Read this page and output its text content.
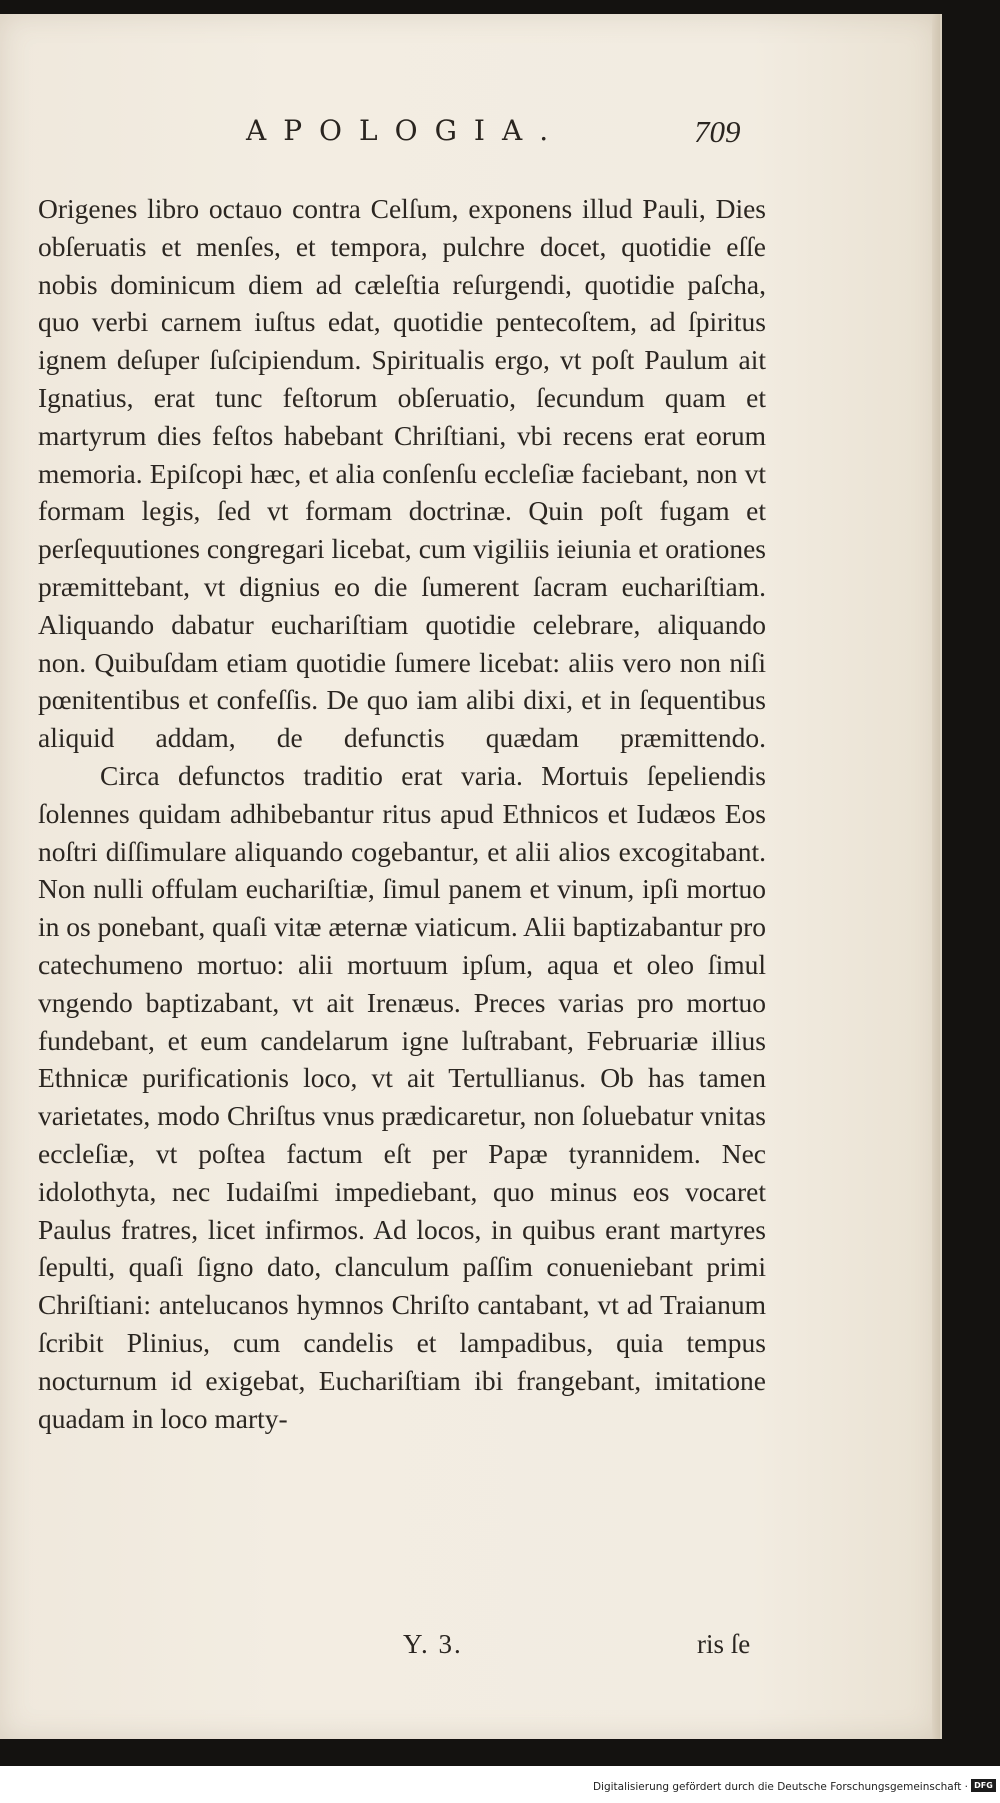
APOLOGIA.	709

Origenes libro octauo contra Celſum, exponens illud Pauli, Dies obſeruatis et menſes, et tempora, pulchre docet, quotidie eſſe nobis dominicum diem ad cæleſtia reſurgendi, quotidie paſcha, quo verbi carnem iuſtus edat, quotidie pentecoſtem, ad ſpiritus ignem deſuper ſuſcipiendum. Spiritualis ergo, vt poſt Paulum ait Ignatius, erat tunc feſtorum obſeruatio, ſecundum quam et martyrum dies feſtos habebant Chriſtiani, vbi recens erat eorum memoria. Epiſcopi hæc, et alia conſenſu eccleſiæ faciebant, non vt formam legis, ſed vt formam doctrinæ. Quin poſt fugam et perſequutiones congregari licebat, cum vigiliis ieiunia et orationes præmittebant, vt dignius eo die ſumerent ſacram euchariſtiam. Aliquando dabatur euchariſtiam quotidie celebrare, aliquando non. Quibuſdam etiam quotidie ſumere licebat: aliis vero non niſi pœnitentibus et confeſſis. De quo iam alibi dixi, et in ſequentibus aliquid addam, de defunctis quædam præmittendo.

Circa defunctos traditio erat varia. Mortuis ſepeliendis ſolennes quidam adhibebantur ritus apud Ethnicos et Iudæos Eos noſtri diſſimulare aliquando cogebantur, et alii alios excogitabant. Non nulli offulam euchariſtiæ, ſimul panem et vinum, ipſi mortuo in os ponebant, quaſi vitæ æternæ viaticum. Alii baptizabantur pro catechumeno mortuo: alii mortuum ipſum, aqua et oleo ſimul vngendo baptizabant, vt ait Irenæus. Preces varias pro mortuo fundebant, et eum candelarum igne luſtrabant, Februariæ illius Ethnicæ purificationis loco, vt ait Tertullianus. Ob has tamen varietates, modo Chriſtus vnus prædicaretur, non ſoluebatur vnitas eccleſiæ, vt poſtea factum eſt per Papæ tyrannidem. Nec idolothyta, nec Iudaiſmi impediebant, quo minus eos vocaret Paulus fratres, licet infirmos. Ad locos, in quibus erant martyres ſepulti, quaſi ſigno dato, clanculum paſſim conueniebant primi Chriſtiani: antelucanos hymnos Chriſto cantabant, vt ad Traianum ſcribit Plinius, cum candelis et lampadibus, quia tempus nocturnum id exigebat, Euchariſtiam ibi frangebant, imitatione quadam in loco marty-

Y. 3.	ris ſe
Digitalisierung gefördert durch die Deutsche Forschungsgemeinschaft · DFG
